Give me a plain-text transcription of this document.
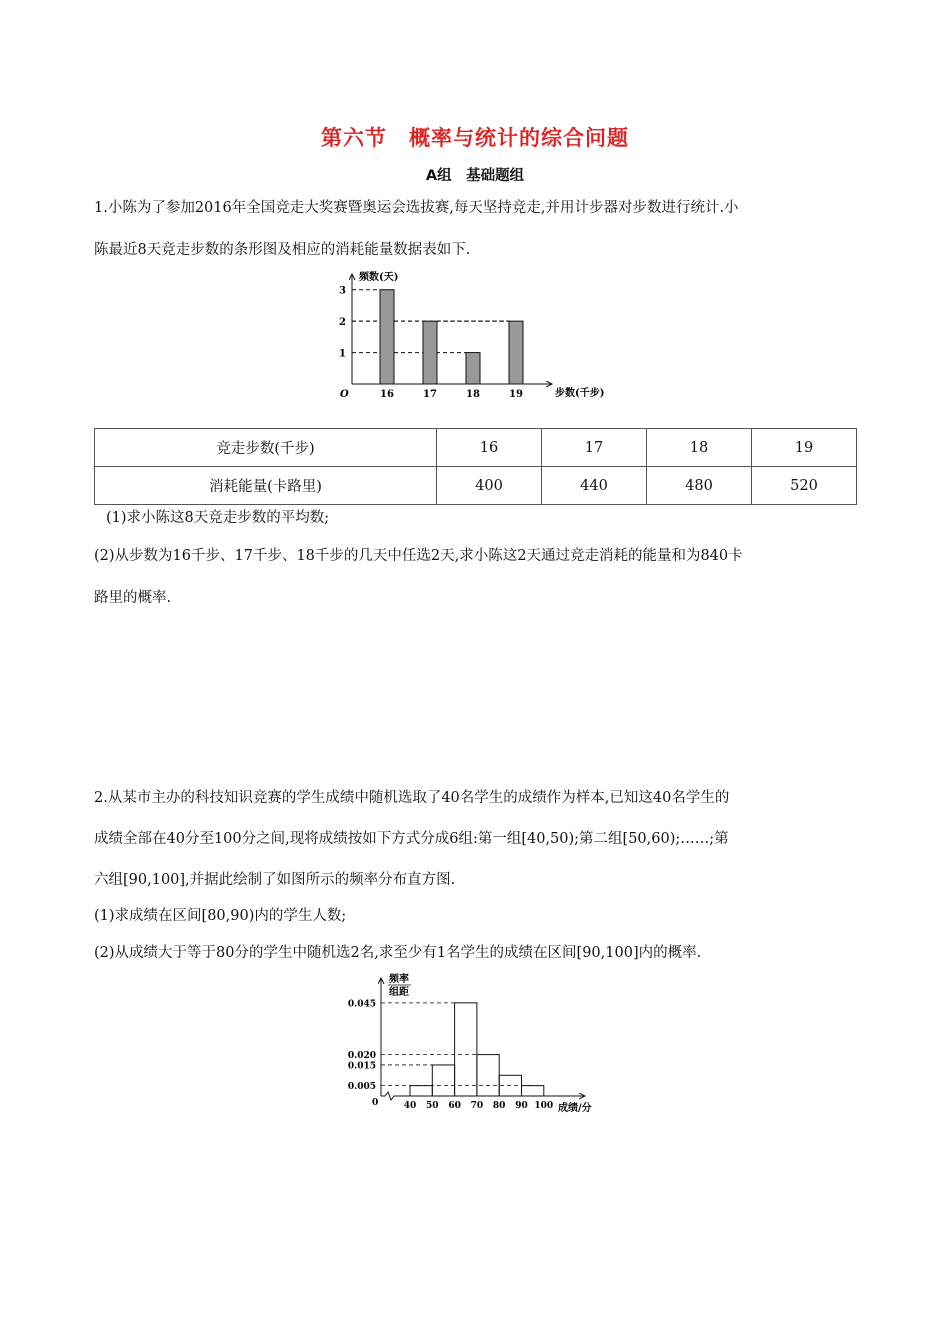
第六节　概率与统计的综合问题
A组　基础题组
1.小陈为了参加2016年全国竞走大奖赛暨奥运会选拔赛,每天坚持竞走,并用计步器对步数进行统计.小
陈最近8天竞走步数的条形图及相应的消耗能量数据表如下.
频数(天)
步数(千步)
O	16	17	18	19
1
2
3
竞走步数(千步)	16	17	18	19
消耗能量(卡路里)	400	440	480	520
(1)求小陈这8天竞走步数的平均数;
(2)从步数为16千步、17千步、18千步的几天中任选2天,求小陈这2天通过竞走消耗的能量和为840卡
路里的概率.
2.从某市主办的科技知识竞赛的学生成绩中随机选取了40名学生的成绩作为样本,已知这40名学生的
成绩全部在40分至100分之间,现将成绩按如下方式分成6组:第一组[40,50);第二组[50,60);……;第
六组[90,100],并据此绘制了如图所示的频率分布直方图.
(1)求成绩在区间[80,90)内的学生人数;
(2)从成绩大于等于80分的学生中随机选2名,求至少有1名学生的成绩在区间[90,100]内的概率.
频率
组距
成绩/分
0
0.005
0.015
0.020
0.045
40 50 60 70 80 90 100
